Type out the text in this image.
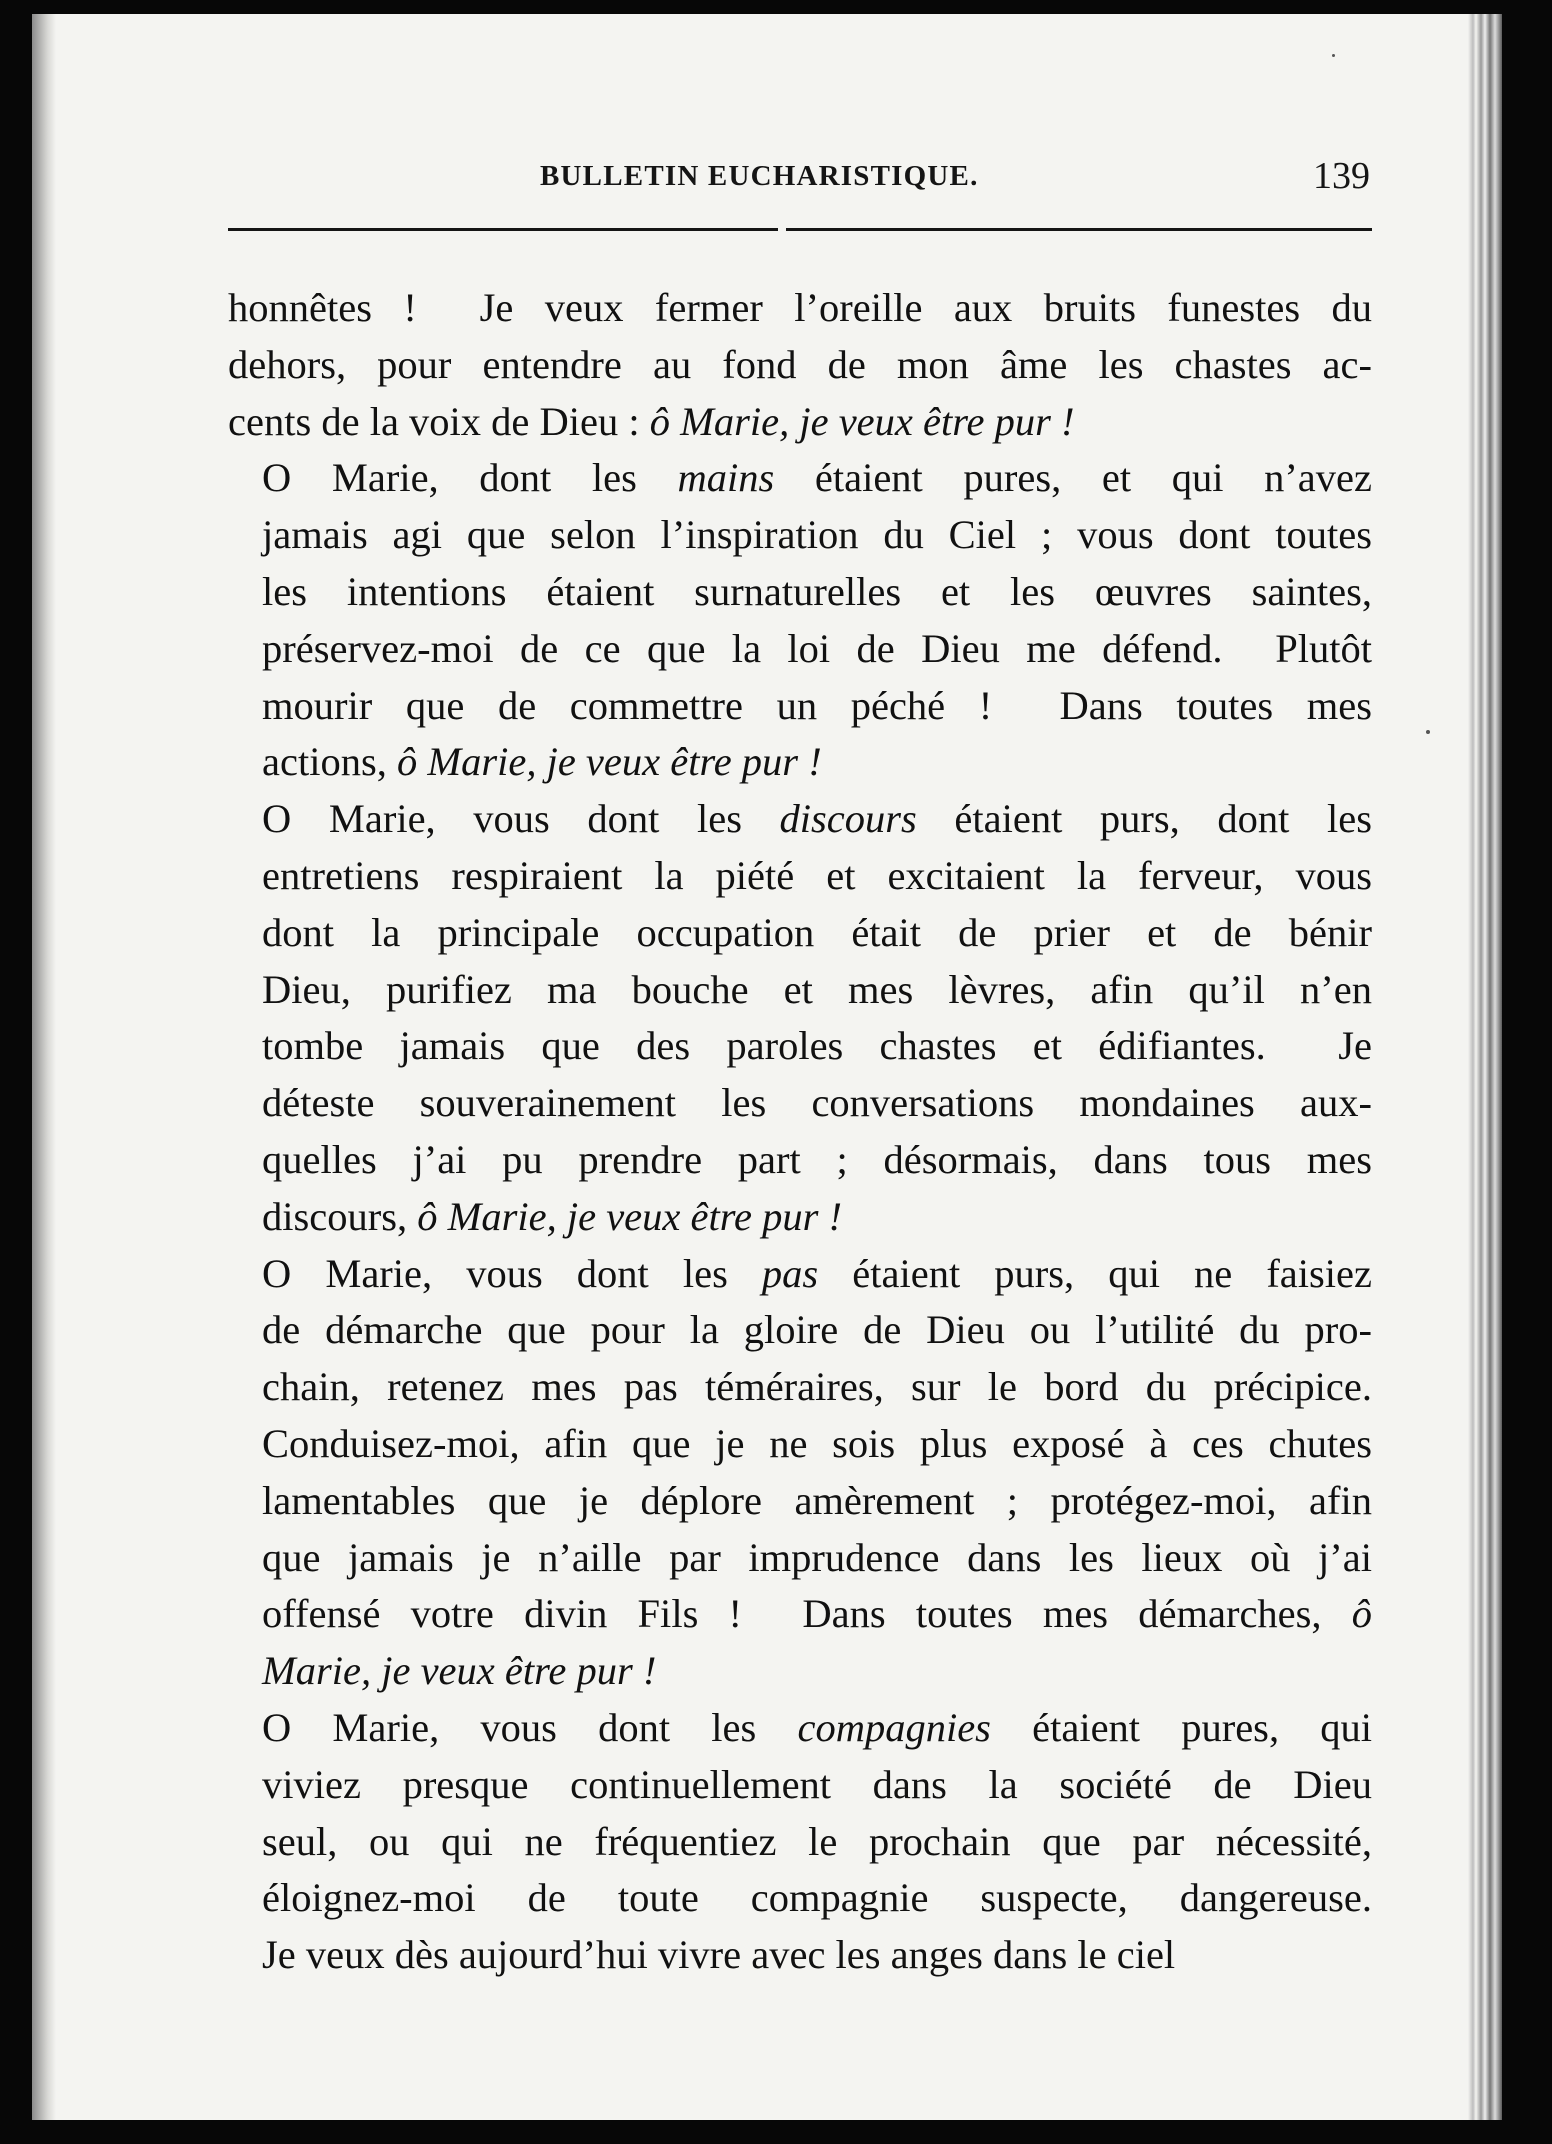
BULLETIN EUCHARISTIQUE.	139
honnêtes !  Je veux fermer l’oreille aux bruits funestes du
dehors, pour entendre au fond de mon âme les chastes ac-
cents de la voix de Dieu : ô Marie, je veux être pur !
O Marie, dont les mains étaient pures, et qui n’avez
jamais agi que selon l’inspiration du Ciel ; vous dont toutes
les intentions étaient surnaturelles et les œuvres saintes,
préservez-moi de ce que la loi de Dieu me défend.  Plutôt
mourir que de commettre un péché !  Dans toutes mes
actions, ô Marie, je veux être pur !
O Marie, vous dont les discours étaient purs, dont les
entretiens respiraient la piété et excitaient la ferveur, vous
dont la principale occupation était de prier et de bénir
Dieu, purifiez ma bouche et mes lèvres, afin qu’il n’en
tombe jamais que des paroles chastes et édifiantes.  Je
déteste souverainement les conversations mondaines aux-
quelles j’ai pu prendre part ; désormais, dans tous mes
discours, ô Marie, je veux être pur !
O Marie, vous dont les pas étaient purs, qui ne faisiez
de démarche que pour la gloire de Dieu ou l’utilité du pro-
chain, retenez mes pas téméraires, sur le bord du précipice.
Conduisez-moi, afin que je ne sois plus exposé à ces chutes
lamentables que je déplore amèrement ; protégez-moi, afin
que jamais je n’aille par imprudence dans les lieux où j’ai
offensé votre divin Fils !  Dans toutes mes démarches, ô
Marie, je veux être pur !
O Marie, vous dont les compagnies étaient pures, qui
viviez presque continuellement dans la société de Dieu
seul, ou qui ne fréquentiez le prochain que par nécessité,
éloignez-moi de toute compagnie suspecte, dangereuse.
Je veux dès aujourd’hui vivre avec les anges dans le ciel
